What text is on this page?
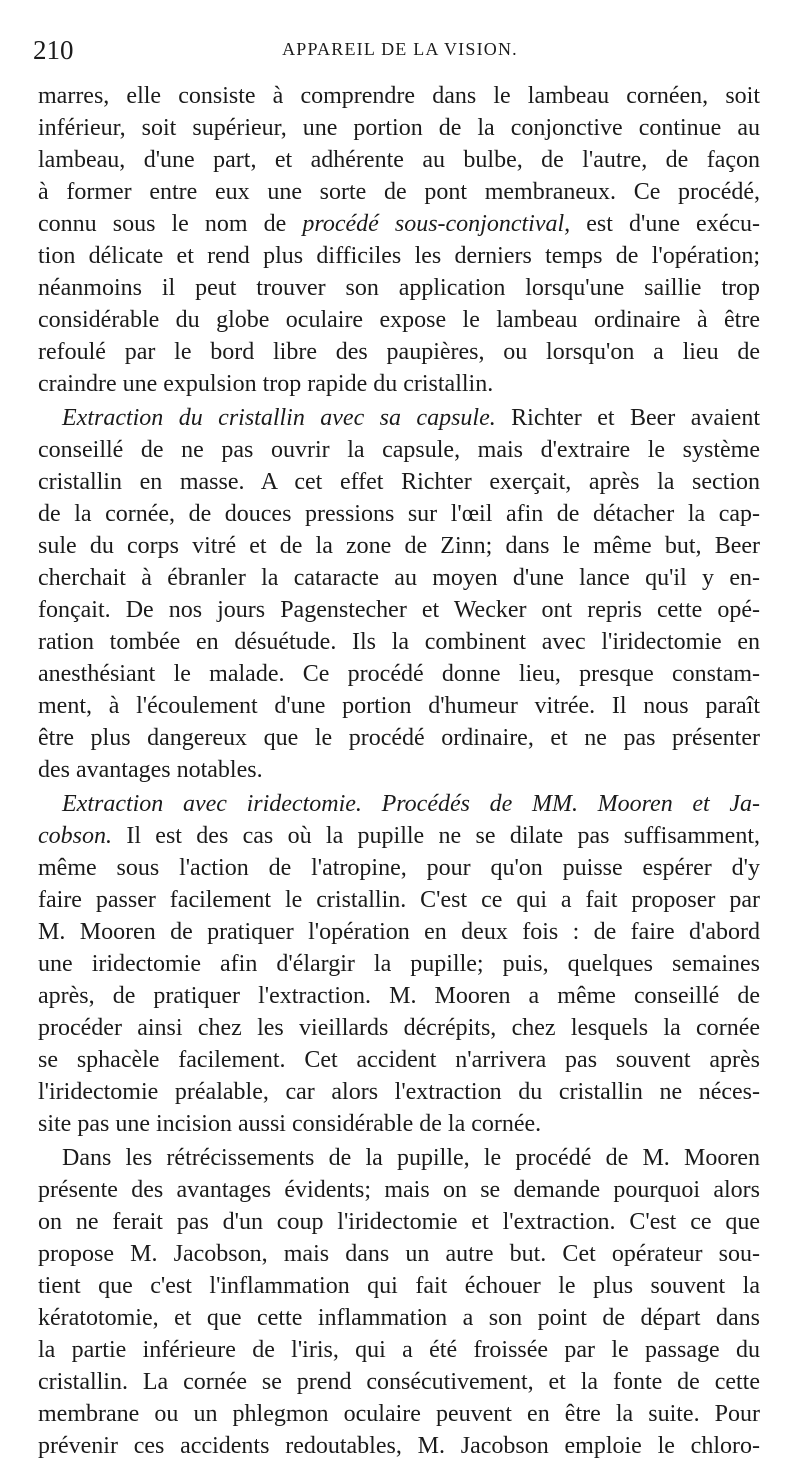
210	APPAREIL DE LA VISION.
marres, elle consiste à comprendre dans le lambeau cornéen, soit
inférieur, soit supérieur, une portion de la conjonctive continue au
lambeau, d'une part, et adhérente au bulbe, de l'autre, de façon
à former entre eux une sorte de pont membraneux. Ce procédé,
connu sous le nom de procédé sous-conjonctival, est d'une exécu-
tion délicate et rend plus difficiles les derniers temps de l'opération;
néanmoins il peut trouver son application lorsqu'une saillie trop
considérable du globe oculaire expose le lambeau ordinaire à être
refoulé par le bord libre des paupières, ou lorsqu'on a lieu de
craindre une expulsion trop rapide du cristallin.
Extraction du cristallin avec sa capsule. Richter et Beer avaient
conseillé de ne pas ouvrir la capsule, mais d'extraire le système
cristallin en masse. A cet effet Richter exerçait, après la section
de la cornée, de douces pressions sur l'œil afin de détacher la cap-
sule du corps vitré et de la zone de Zinn; dans le même but, Beer
cherchait à ébranler la cataracte au moyen d'une lance qu'il y en-
fonçait. De nos jours Pagenstecher et Wecker ont repris cette opé-
ration tombée en désuétude. Ils la combinent avec l'iridectomie en
anesthésiant le malade. Ce procédé donne lieu, presque constam-
ment, à l'écoulement d'une portion d'humeur vitrée. Il nous paraît
être plus dangereux que le procédé ordinaire, et ne pas présenter
des avantages notables.
Extraction avec iridectomie. Procédés de MM. Mooren et Ja-
cobson. Il est des cas où la pupille ne se dilate pas suffisamment,
même sous l'action de l'atropine, pour qu'on puisse espérer d'y
faire passer facilement le cristallin. C'est ce qui a fait proposer par
M. Mooren de pratiquer l'opération en deux fois : de faire d'abord
une iridectomie afin d'élargir la pupille; puis, quelques semaines
après, de pratiquer l'extraction. M. Mooren a même conseillé de
procéder ainsi chez les vieillards décrépits, chez lesquels la cornée
se sphacèle facilement. Cet accident n'arrivera pas souvent après
l'iridectomie préalable, car alors l'extraction du cristallin ne néces-
site pas une incision aussi considérable de la cornée.
Dans les rétrécissements de la pupille, le procédé de M. Mooren
présente des avantages évidents; mais on se demande pourquoi alors
on ne ferait pas d'un coup l'iridectomie et l'extraction. C'est ce que
propose M. Jacobson, mais dans un autre but. Cet opérateur sou-
tient que c'est l'inflammation qui fait échouer le plus souvent la
kératotomie, et que cette inflammation a son point de départ dans
la partie inférieure de l'iris, qui a été froissée par le passage du
cristallin. La cornée se prend consécutivement, et la fonte de cette
membrane ou un phlegmon oculaire peuvent en être la suite. Pour
prévenir ces accidents redoutables, M. Jacobson emploie le chloro-
